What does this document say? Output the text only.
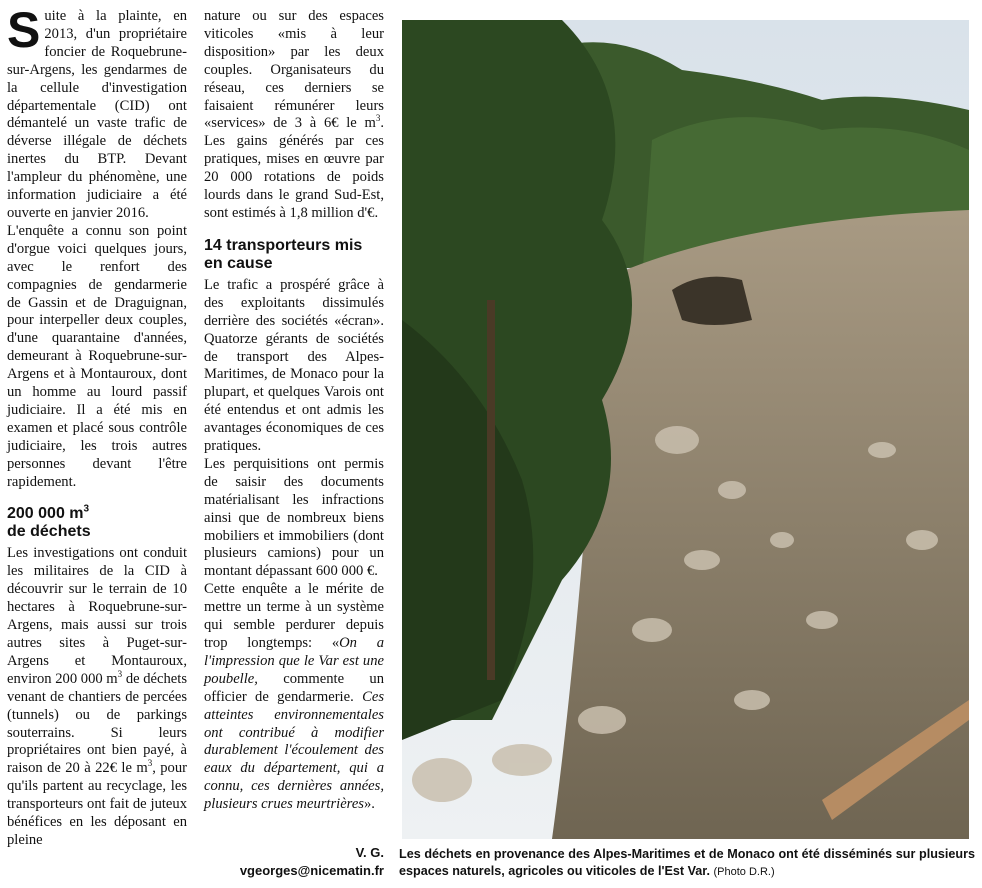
S uite à la plainte, en 2013, d'un propriétaire foncier de Roquebrune-sur-Argens, les gendarmes de la cellule d'investigation départementale (CID) ont démantelé un vaste trafic de déverse illégale de déchets inertes du BTP. Devant l'ampleur du phénomène, une information judiciaire a été ouverte en janvier 2016.

L'enquête a connu son point d'orgue voici quelques jours, avec le renfort des compagnies de gendarmerie de Gassin et de Draguignan, pour interpeller deux couples, d'une quarantaine d'années, demeurant à Roquebrune-sur-Argens et à Montauroux, dont un homme au lourd passif judiciaire. Il a été mis en examen et placé sous contrôle judiciaire, les trois autres personnes devant l'être rapidement.

200 000 $m^3$
de déchets

Les investigations ont conduit les militaires de la CID à découvrir sur le terrain de 10 hectares à Roquebrune-sur-Argens, mais aussi sur trois autres sites à Puget-sur-Argens et Montauroux, environ 200 000 $m^3$ de déchets venant de chantiers de percées (tunnels) ou de parkings souterrains. Si leurs propriétaires ont bien payé, à raison de 20 à 22€ le $m^3$, pour qu'ils partent au recyclage, les transporteurs ont fait de juteux bénéfices en les déposant en pleine

nature ou sur des espaces viticoles «mis à leur disposition» par les deux couples. Organisateurs du réseau, ces derniers se faisaient rémunérer leurs «services» de 3 à 6€ le $m^3$. Les gains générés par ces pratiques, mises en œuvre par 20 000 rotations de poids lourds dans le grand Sud-Est, sont estimés à 1,8 million d'€.

14 transporteurs mis en cause

Le trafic a prospéré grâce à des exploitants dissimulés derrière des sociétés «écran». Quatorze gérants de sociétés de transport des Alpes-Maritimes, de Monaco pour la plupart, et quelques Varois ont été entendus et ont admis les avantages économiques de ces pratiques.

Les perquisitions ont permis de saisir des documents matérialisant les infractions ainsi que de nombreux biens mobiliers et immobiliers (dont plusieurs camions) pour un montant dépassant 600 000 €.

Cette enquête a le mérite de mettre un terme à un système qui semble perdurer depuis trop longtemps: «On a l'impression que le Var est une poubelle, commente un officier de gendarmerie. Ces atteintes environnementales ont contribué à modifier durablement l'écoulement des eaux du département, qui a connu, ces dernières années, plusieurs crues meurtrières».

V. G.
vgeorges@nicematin.fr
Les déchets en provenance des Alpes-Maritimes et de Monaco ont été disséminés sur plusieurs espaces naturels, agricoles ou viticoles de l'Est Var. (Photo D.R.)
